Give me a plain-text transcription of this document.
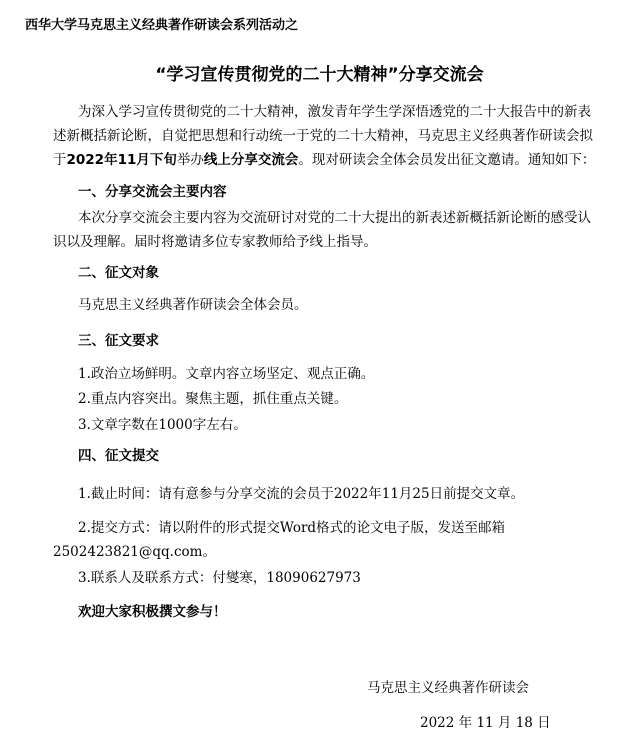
西华大学马克思主义经典著作研读会系列活动之
“学习宣传贯彻党的二十大精神”分享交流会
为深入学习宣传贯彻党的二十大精神，激发青年学生学深悟透党的二十大报告中的新表
述新概括新论断，自觉把思想和行动统一于党的二十大精神，马克思主义经典著作研读会拟
于2022年11月下旬举办线上分享交流会。现对研读会全体会员发出征文邀请。通知如下：
一、分享交流会主要内容
本次分享交流会主要内容为交流研讨对党的二十大提出的新表述新概括新论断的感受认
识以及理解。届时将邀请多位专家教师给予线上指导。
二、征文对象
马克思主义经典著作研读会全体会员。
三、征文要求
1.政治立场鲜明。文章内容立场坚定、观点正确。
2.重点内容突出。聚焦主题，抓住重点关键。
3.文章字数在1000字左右。
四、征文提交
1.截止时间：请有意参与分享交流的会员于2022年11月25日前提交文章。
2.提交方式：请以附件的形式提交Word格式的论文电子版，发送至邮箱
2502423821@qq.com。
3.联系人及联系方式：付燮寒，18090627973
欢迎大家积极撰文参与！
马克思主义经典著作研读会
2022 年 11 月 18 日
